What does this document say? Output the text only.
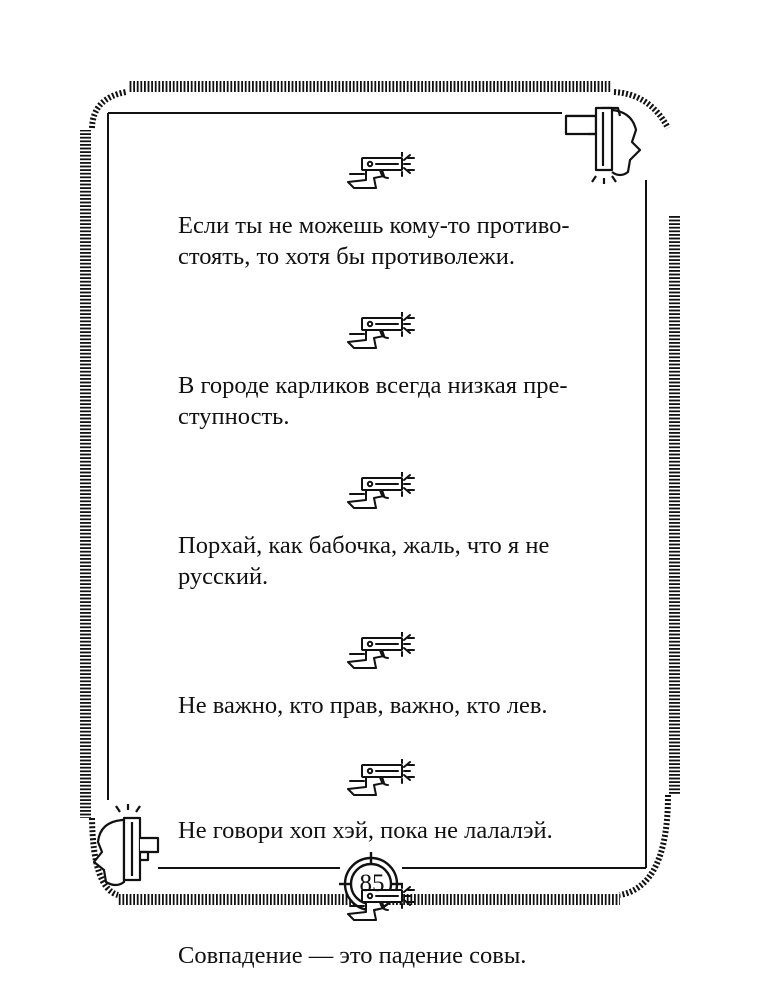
Если ты не можешь кому-то противо-

стоять, то хотя бы противолежи.

В городе карликов всегда низкая пре-

ступность.

Порхай, как бабочка, жаль, что я не

русский.

Не важно, кто прав, важно, кто лев.

Не говори хоп хэй, пока не лалалэй.

Совпадение — это падение совы.

85
